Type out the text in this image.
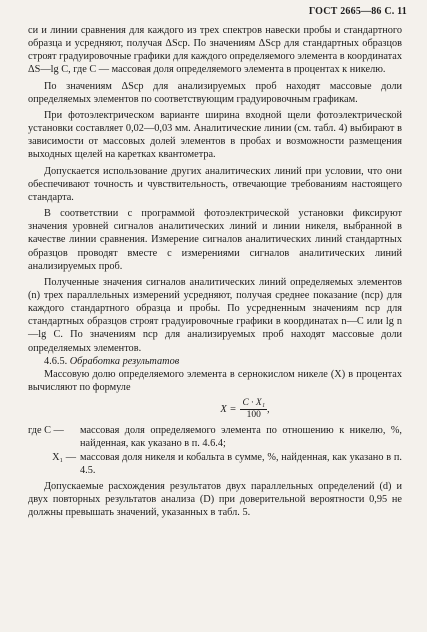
ГОСТ 2665—86 С. 11

си и линии сравнения для каждого из трех спектров навески пробы и стандартного образца и усредняют, получая ΔSср. По значениям ΔSср для стандартных образцов строят градуировочные графики для каждого определяемого элемента в координатах ΔS—lg C, где C — массовая доля определяемого элемента в процентах к никелю.

По значениям ΔSср для анализируемых проб находят массовые доли определяемых элементов по соответствующим градуировочным графикам.

При фотоэлектрическом варианте ширина входной щели фотоэлектрической установки составляет 0,02—0,03 мм. Аналитические линии (см. табл. 4) выбирают в зависимости от массовых долей элементов в пробах и возможности размещения выходных щелей на каретках квантометра.

Допускается использование других аналитических линий при условии, что они обеспечивают точность и чувствительность, отвечающие требованиям настоящего стандарта.

В соответствии с программой фотоэлектрической установки фиксируют значения уровней сигналов аналитических линий и линии никеля, выбранной в качестве линии сравнения. Измерение сигналов аналитических линий стандартных образцов проводят вместе с измерениями сигналов аналитических линий анализируемых проб.

Полученные значения сигналов аналитических линий определяемых элементов (n) трех параллельных измерений усредняют, получая среднее показание (nср) для каждого стандартного образца и пробы. По усредненным значениям nср для стандартных образцов строят градуировочные графики в координатах n—C или lg n—lg C. По значениям nср для анализируемых проб находят массовые доли определяемых элементов.

4.6.5. Обработка результатов

Массовую долю определяемого элемента в сернокислом никеле (X) в процентах вычисляют по формуле

$X = \frac{\text{C · X₁}}{100}$ ,
где C —	массовая доля определяемого элемента по отношению к никелю, %, найденная, как указано в п. 4.6.4;
X₁ — массовая доля никеля и кобальта в сумме, %, найденная, как указано в п. 4.5.

Допускаемые расхождения результатов двух параллельных определений (d) и двух повторных результатов анализа (D) при доверительной вероятности 0,95 не должны превышать значений, указанных в табл. 5.
